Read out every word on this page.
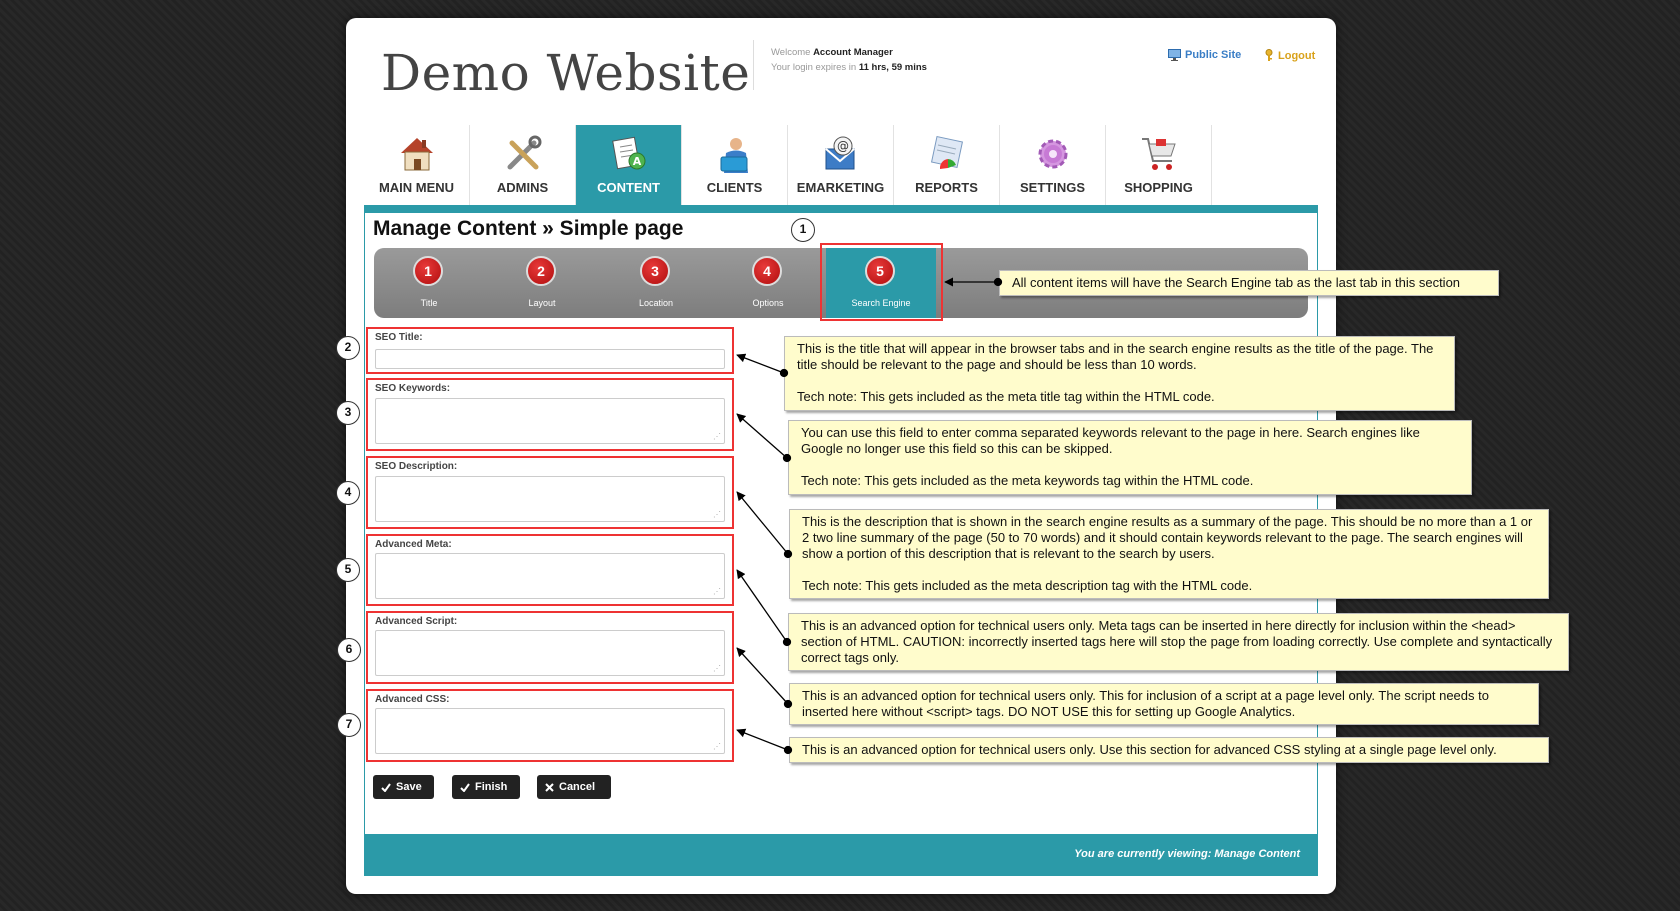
Demo Website Welcome Account Manager
Your login expires in 11 hrs, 59 mins
Public Site	Logout
MAIN MENU	ADMINS
A
CONTENT	CLIENTS
@
EMARKETING	REPORTS	SETTINGS	SHOPPING
Manage Content » Simple page
1
Title
2
Layout
3
Location
4
Options
5
Search Engine
1
2
3
4
5
6
7
SEO Title:
SEO Keywords:
⋰
SEO Description:
⋰
Advanced Meta:
⋰
Advanced Script:
⋰
Advanced CSS:
⋰
All content items will have the Search Engine tab as the last tab in this section

This is the title that will appear in the browser tabs and in the search engine results as the title of the page. The title should be relevant to the page and should be less than 10 words.

Tech note: This gets included as the meta title tag within the HTML code.

You can use this field to enter comma separated keywords relevant to the page in here. Search engines like Google no longer use this field so this can be skipped.

Tech note: This gets included as the meta keywords tag within the HTML code.

This is the description that is shown in the search engine results as a summary of the page. This should be no more than a 1 or 2 two line summary of the page (50 to 70 words) and it should contain keywords relevant to the page. The search engines will show a portion of this description that is relevant to the search by users.

Tech note: This gets included as the meta description tag with the HTML code.

This is an advanced option for technical users only. Meta tags can be inserted in here directly for inclusion within the <head> section of HTML. CAUTION: incorrectly inserted tags here will stop the page from loading correctly. Use complete and syntactically correct tags only.
This is an advanced option for technical users only. This for inclusion of a script at a page level only. The script needs to inserted here without <script> tags. DO NOT USE this for setting up Google Analytics.
This is an advanced option for technical users only. Use this section for advanced CSS styling at a single page level only.
Save	Finish	Cancel
You are currently viewing: Manage Content
